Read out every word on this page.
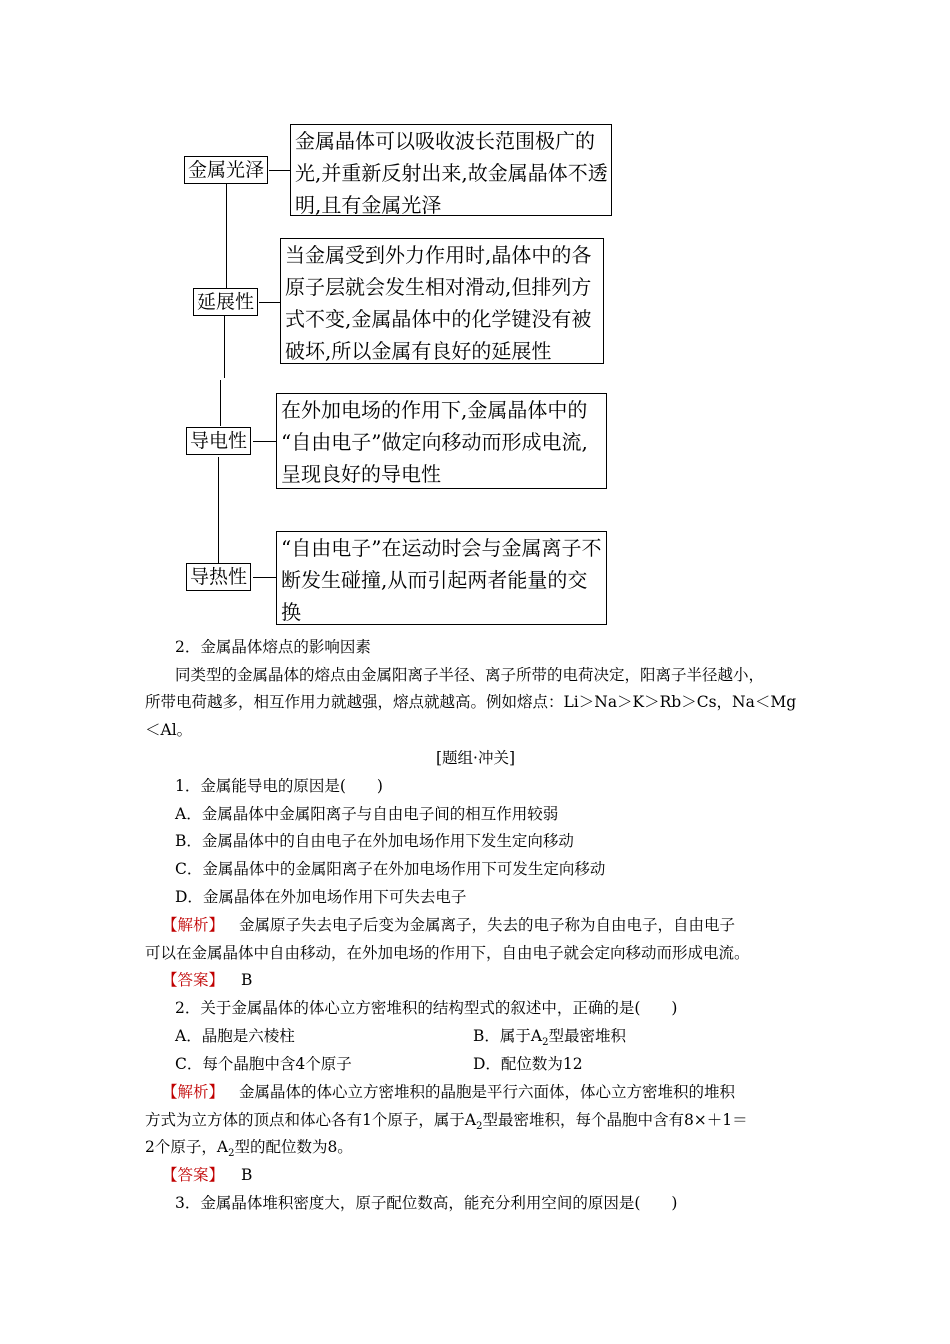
金属光泽
金属晶体可以吸收波长范围极广的
光,并重新反射出来,故金属晶体不透
明,且有金属光泽
延展性
当金属受到外力作用时,晶体中的各
原子层就会发生相对滑动,但排列方
式不变,金属晶体中的化学键没有被
破坏,所以金属有良好的延展性
导电性
在外加电场的作用下,金属晶体中的
“自由电子”做定向移动而形成电流,
呈现良好的导电性
导热性
“自由电子”在运动时会与金属离子不
断发生碰撞,从而引起两者能量的交
换
2．金属晶体熔点的影响因素
同类型的金属晶体的熔点由金属阳离子半径、离子所带的电荷决定，阳离子半径越小，
所带电荷越多，相互作用力就越强，熔点就越高。例如熔点：Li＞Na＞K＞Rb＞Cs，Na＜Mg
＜Al。
[题组·冲关]
1．金属能导电的原因是(　　)
A．金属晶体中金属阳离子与自由电子间的相互作用较弱
B．金属晶体中的自由电子在外加电场作用下发生定向移动
C．金属晶体中的金属阳离子在外加电场作用下可发生定向移动
D．金属晶体在外加电场作用下可失去电子
【解析】 金属原子失去电子后变为金属离子，失去的电子称为自由电子，自由电子
可以在金属晶体中自由移动，在外加电场的作用下，自由电子就会定向移动而形成电流。
【答案】 B
2．关于金属晶体的体心立方密堆积的结构型式的叙述中，正确的是(　　)
A．晶胞是六棱柱	B．属于$A_2$型最密堆积
C．每个晶胞中含4个原子	D．配位数为12
【解析】 金属晶体的体心立方密堆积的晶胞是平行六面体，体心立方密堆积的堆积
方式为立方体的顶点和体心各有1个原子，属于$A_2$型最密堆积，每个晶胞中含有8×＋1＝
2个原子，$A_2$型的配位数为8。
【答案】 B
3．金属晶体堆积密度大，原子配位数高，能充分利用空间的原因是(　　)
